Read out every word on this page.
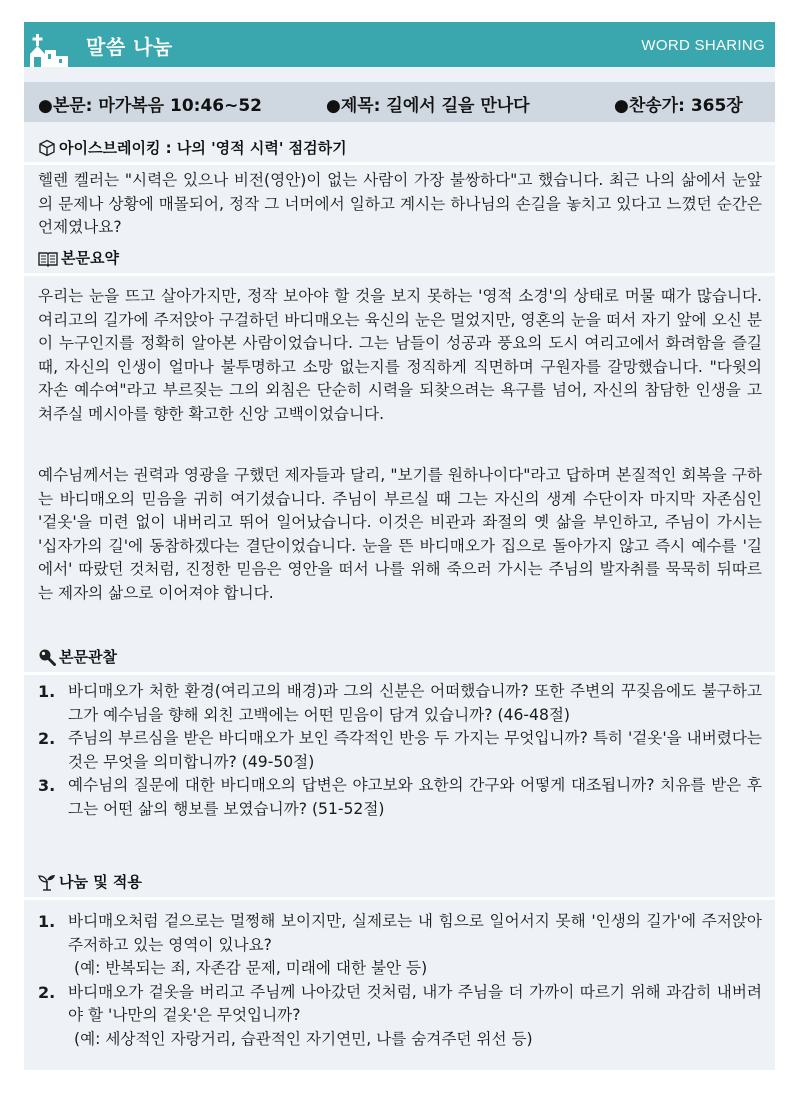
말씀 나눔	WORD SHARING
●본문: 마가복음 10:46~52	●제목: 길에서 길을 만나다	●찬송가: 365장
아이스브레이킹 : 나의 '영적 시력' 점검하기
헬렌 켈러는 "시력은 있으나 비전(영안)이 없는 사람이 가장 불쌍하다"고 했습니다. 최근 나의 삶에서 눈앞의 문제나 상황에 매몰되어, 정작 그 너머에서 일하고 계시는 하나님의 손길을 놓치고 있다고 느꼈던 순간은 언제였나요?
본문요약
우리는 눈을 뜨고 살아가지만, 정작 보아야 할 것을 보지 못하는 '영적 소경'의 상태로 머물 때가 많습니다. 여리고의 길가에 주저앉아 구걸하던 바디매오는 육신의 눈은 멀었지만, 영혼의 눈을 떠서 자기 앞에 오신 분이 누구인지를 정확히 알아본 사람이었습니다. 그는 남들이 성공과 풍요의 도시 여리고에서 화려함을 즐길 때, 자신의 인생이 얼마나 불투명하고 소망 없는지를 정직하게 직면하며 구원자를 갈망했습니다. "다윗의 자손 예수여"라고 부르짖는 그의 외침은 단순히 시력을 되찾으려는 욕구를 넘어, 자신의 참담한 인생을 고쳐주실 메시아를 향한 확고한 신앙 고백이었습니다.
예수님께서는 권력과 영광을 구했던 제자들과 달리, "보기를 원하나이다"라고 답하며 본질적인 회복을 구하는 바디매오의 믿음을 귀히 여기셨습니다. 주님이 부르실 때 그는 자신의 생계 수단이자 마지막 자존심인 '겉옷'을 미련 없이 내버리고 뛰어 일어났습니다. 이것은 비관과 좌절의 옛 삶을 부인하고, 주님이 가시는 '십자가의 길'에 동참하겠다는 결단이었습니다. 눈을 뜬 바디매오가 집으로 돌아가지 않고 즉시 예수를 '길에서' 따랐던 것처럼, 진정한 믿음은 영안을 떠서 나를 위해 죽으러 가시는 주님의 발자취를 묵묵히 뒤따르는 제자의 삶으로 이어져야 합니다.
본문관찰
1. 바디매오가 처한 환경(여리고의 배경)과 그의 신분은 어떠했습니까? 또한 주변의 꾸짖음에도 불구하고 그가 예수님을 향해 외친 고백에는 어떤 믿음이 담겨 있습니까? (46-48절)
2. 주님의 부르심을 받은 바디매오가 보인 즉각적인 반응 두 가지는 무엇입니까? 특히 '겉옷'을 내버렸다는 것은 무엇을 의미합니까? (49-50절)
3. 예수님의 질문에 대한 바디매오의 답변은 야고보와 요한의 간구와 어떻게 대조됩니까? 치유를 받은 후 그는 어떤 삶의 행보를 보였습니까? (51-52절)
나눔 및 적용
1. 바디매오처럼 겉으로는 멀쩡해 보이지만, 실제로는 내 힘으로 일어서지 못해 '인생의 길가'에 주저앉아 주저하고 있는 영역이 있나요?
(예: 반복되는 죄, 자존감 문제, 미래에 대한 불안 등)
2. 바디매오가 겉옷을 버리고 주님께 나아갔던 것처럼, 내가 주님을 더 가까이 따르기 위해 과감히 내버려야 할 '나만의 겉옷'은 무엇입니까?
(예: 세상적인 자랑거리, 습관적인 자기연민, 나를 숨겨주던 위선 등)
